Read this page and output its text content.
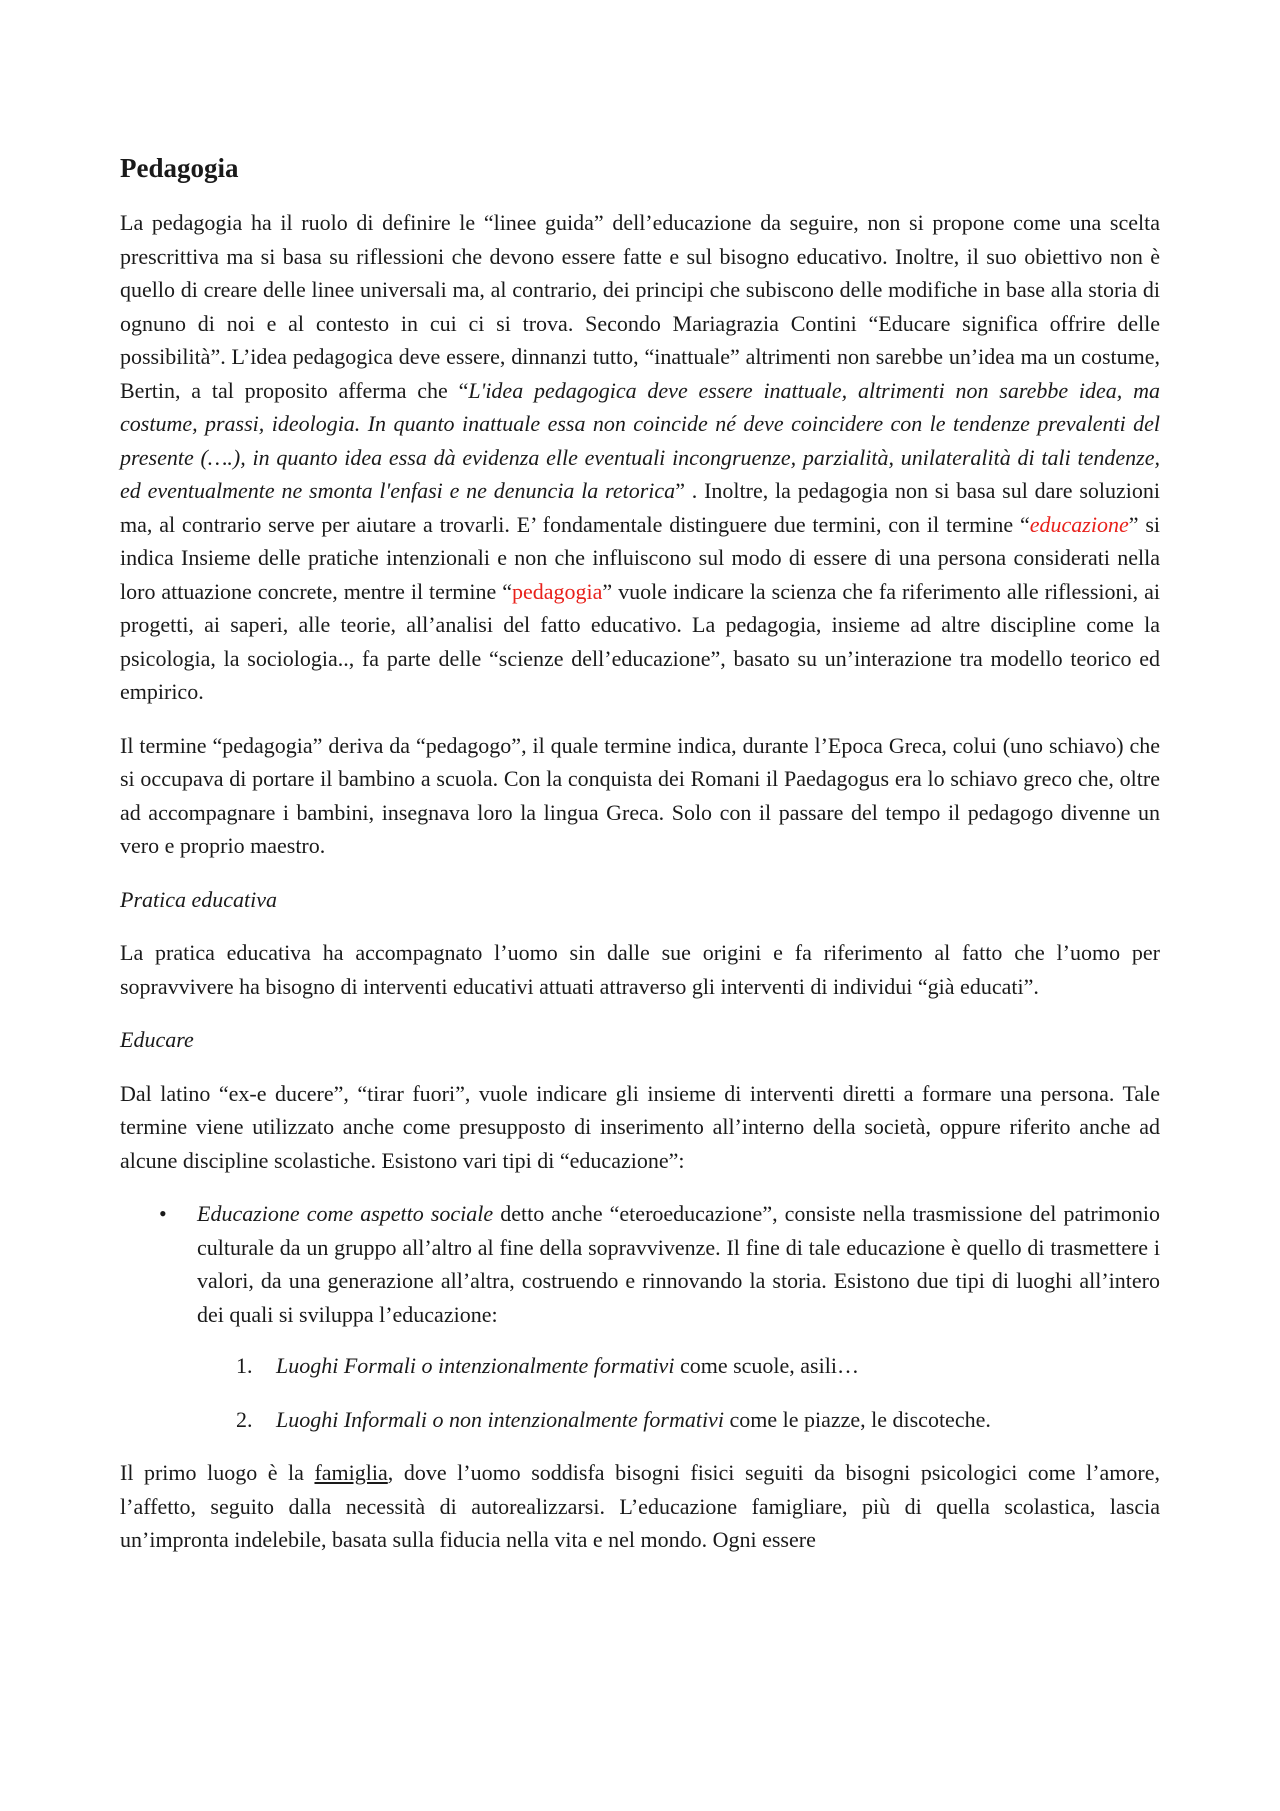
Pedagogia

La pedagogia ha il ruolo di definire le “linee guida” dell’educazione da seguire, non si propone come una scelta prescrittiva ma si basa su riflessioni che devono essere fatte e sul bisogno educativo. Inoltre, il suo obiettivo non è quello di creare delle linee universali ma, al contrario, dei principi che subiscono delle modifiche in base alla storia di ognuno di noi e al contesto in cui ci si trova. Secondo Mariagrazia Contini “Educare significa offrire delle possibilità”. L’idea pedagogica deve essere, dinnanzi tutto, “inattuale” altrimenti non sarebbe un’idea ma un costume, Bertin, a tal proposito afferma che “L'idea pedagogica deve essere inattuale, altrimenti non sarebbe idea, ma costume, prassi, ideologia. In quanto inattuale essa non coincide né deve coincidere con le tendenze prevalenti del presente (….), in quanto idea essa dà evidenza elle eventuali incongruenze, parzialità, unilateralità di tali tendenze, ed eventualmente ne smonta l'enfasi e ne denuncia la retorica” . Inoltre, la pedagogia non si basa sul dare soluzioni ma, al contrario serve per aiutare a trovarli. E’ fondamentale distinguere due termini, con il termine “educazione” si indica Insieme delle pratiche intenzionali e non che influiscono sul modo di essere di una persona considerati nella loro attuazione concrete, mentre il termine “pedagogia” vuole indicare la scienza che fa riferimento alle riflessioni, ai progetti, ai saperi, alle teorie, all’analisi del fatto educativo. La pedagogia, insieme ad altre discipline come la psicologia, la sociologia.., fa parte delle “scienze dell’educazione”, basato su un’interazione tra modello teorico ed empirico.

Il termine “pedagogia” deriva da “pedagogo”, il quale termine indica, durante l’Epoca Greca, colui (uno schiavo) che si occupava di portare il bambino a scuola. Con la conquista dei Romani il Paedagogus era lo schiavo greco che, oltre ad accompagnare i bambini, insegnava loro la lingua Greca. Solo con il passare del tempo il pedagogo divenne un vero e proprio maestro.

Pratica educativa

La pratica educativa ha accompagnato l’uomo sin dalle sue origini e fa riferimento al fatto che l’uomo per sopravvivere ha bisogno di interventi educativi attuati attraverso gli interventi di individui “già educati”.

Educare

Dal latino “ex-e ducere”, “tirar fuori”, vuole indicare gli insieme di interventi diretti a formare una persona. Tale termine viene utilizzato anche come presupposto di inserimento all’interno della società, oppure riferito anche ad alcune discipline scolastiche. Esistono vari tipi di “educazione”:

• Educazione come aspetto sociale detto anche “eteroeducazione”, consiste nella trasmissione del patrimonio culturale da un gruppo all’altro al fine della sopravvivenze. Il fine di tale educazione è quello di trasmettere i valori, da una generazione all’altra, costruendo e rinnovando la storia. Esistono due tipi di luoghi all’intero dei quali si sviluppa l’educazione:
1. Luoghi Formali o intenzionalmente formativi come scuole, asili…
2. Luoghi Informali o non intenzionalmente formativi come le piazze, le discoteche.

Il primo luogo è la famiglia, dove l’uomo soddisfa bisogni fisici seguiti da bisogni psicologici come l’amore, l’affetto, seguito dalla necessità di autorealizzarsi. L’educazione famigliare, più di quella scolastica, lascia un’impronta indelebile, basata sulla fiducia nella vita e nel mondo. Ogni essere
